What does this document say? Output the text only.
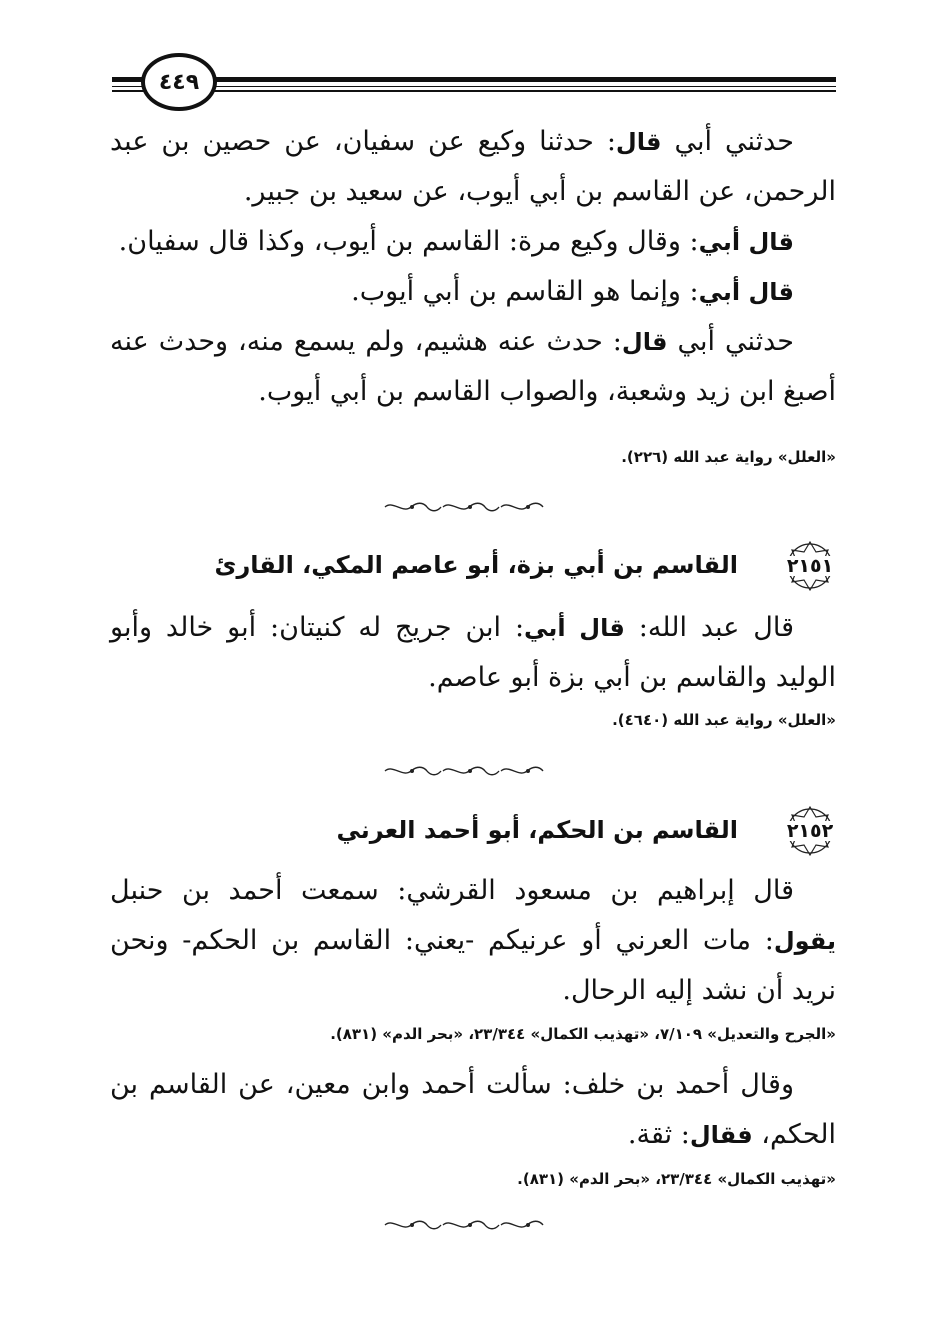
٤٤٩

حدثني أبي قال: حدثنا وكيع عن سفيان، عن حصين بن عبد الرحمن، عن القاسم بن أبي أيوب، عن سعيد بن جبير.

قال أبي: وقال وكيع مرة: القاسم بن أيوب، وكذا قال سفيان.

قال أبي: وإنما هو القاسم بن أبي أيوب.

حدثني أبي قال: حدث عنه هشيم، ولم يسمع منه، وحدث عنه أصبغ ابن زيد وشعبة، والصواب القاسم بن أبي أيوب.

«العلل» رواية عبد الله (٢٢٦).
٢١٥١
القاسم بن أبي بزة، أبو عاصم المكي، القارئ

قال عبد الله: قال أبي: ابن جريج له كنيتان: أبو خالد وأبو الوليد والقاسم بن أبي بزة أبو عاصم.

«العلل» رواية عبد الله (٤٦٤٠).
٢١٥٢
القاسم بن الحكم، أبو أحمد العرني

قال إبراهيم بن مسعود القرشي: سمعت أحمد بن حنبل يقول: مات العرني أو عرنيكم -يعني: القاسم بن الحكم- ونحن نريد أن نشد إليه الرحال.

«الجرح والتعديل» ٧/١٠٩، «تهذيب الكمال» ٢٣/٣٤٤، «بحر الدم» (٨٣١).

وقال أحمد بن خلف: سألت أحمد وابن معين، عن القاسم بن الحكم، فقال: ثقة.

«تهذيب الكمال» ٢٣/٣٤٤، «بحر الدم» (٨٣١).
